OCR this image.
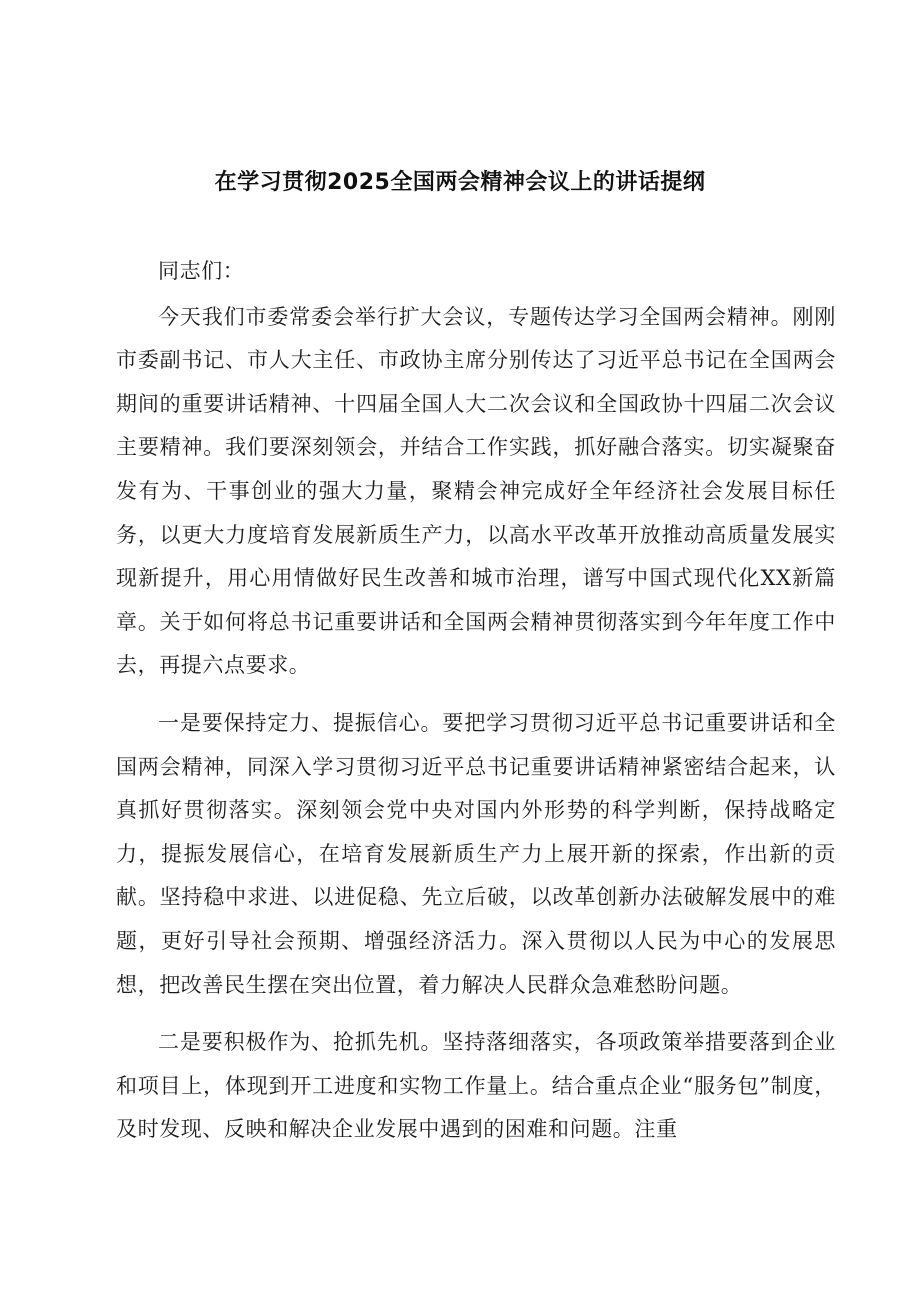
在学习贯彻2025全国两会精神会议上的讲话提纲

同志们：

今天我们市委常委会举行扩大会议，专题传达学习全国两会精神。刚刚市委副书记、市人大主任、市政协主席分别传达了习近平总书记在全国两会期间的重要讲话精神、十四届全国人大二次会议和全国政协十四届二次会议主要精神。我们要深刻领会，并结合工作实践，抓好融合落实。切实凝聚奋发有为、干事创业的强大力量，聚精会神完成好全年经济社会发展目标任务，以更大力度培育发展新质生产力，以高水平改革开放推动高质量发展实现新提升，用心用情做好民生改善和城市治理，谱写中国式现代化XX新篇章。关于如何将总书记重要讲话和全国两会精神贯彻落实到今年年度工作中去，再提六点要求。

一是要保持定力、提振信心。要把学习贯彻习近平总书记重要讲话和全国两会精神，同深入学习贯彻习近平总书记重要讲话精神紧密结合起来，认真抓好贯彻落实。深刻领会党中央对国内外形势的科学判断，保持战略定力，提振发展信心，在培育发展新质生产力上展开新的探索，作出新的贡献。坚持稳中求进、以进促稳、先立后破，以改革创新办法破解发展中的难题，更好引导社会预期、增强经济活力。深入贯彻以人民为中心的发展思想，把改善民生摆在突出位置，着力解决人民群众急难愁盼问题。

二是要积极作为、抢抓先机。坚持落细落实，各项政策举措要落到企业和项目上，体现到开工进度和实物工作量上。结合重点企业“服务包”制度，及时发现、反映和解决企业发展中遇到的困难和问题。注重
